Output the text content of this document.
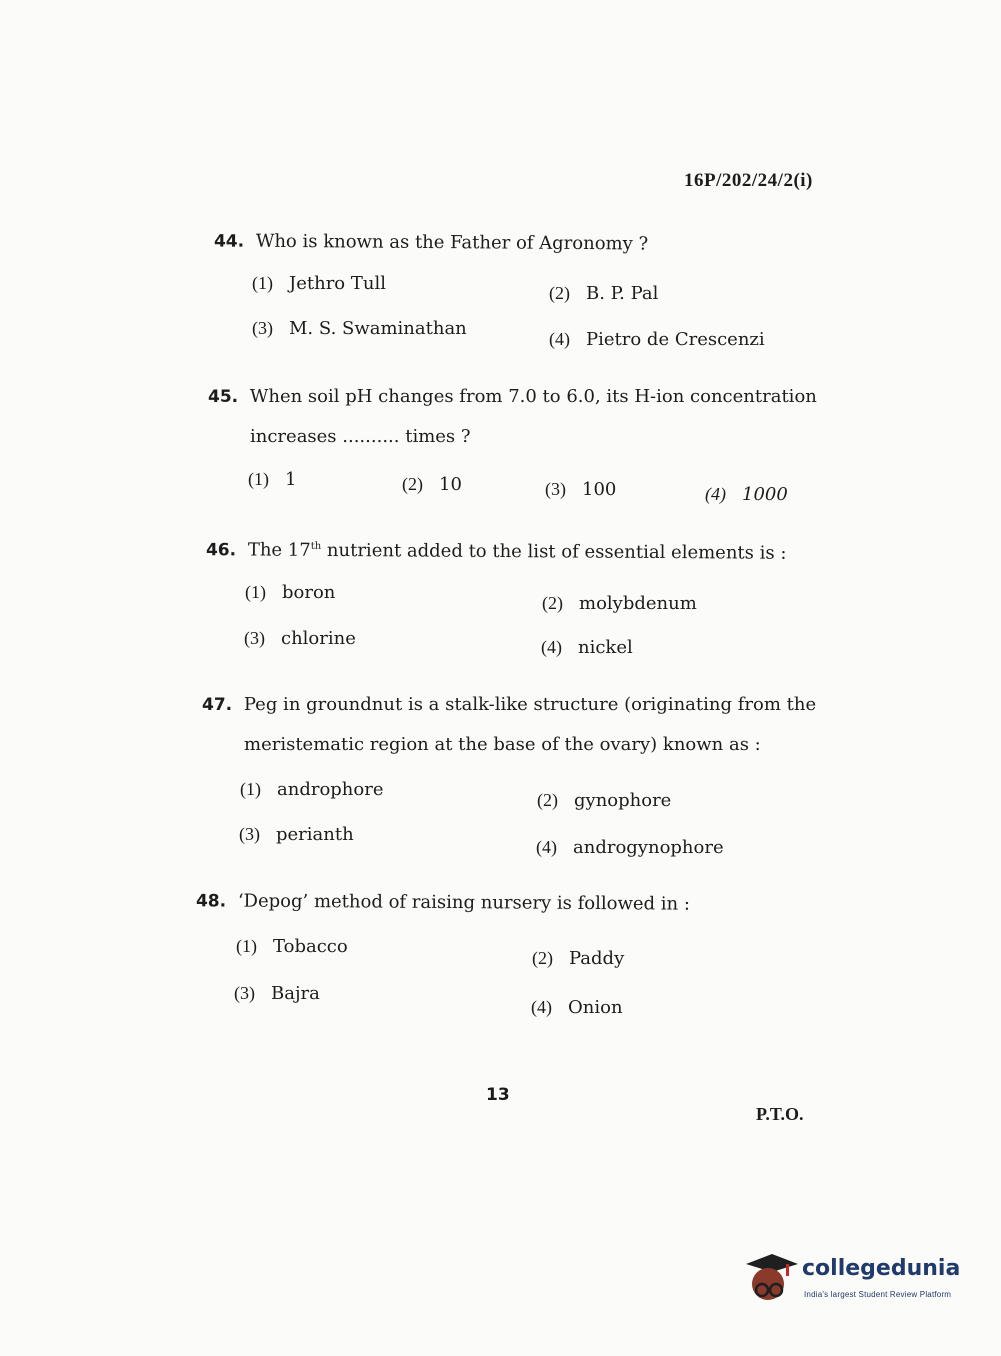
16P/202/24/2(i)
44. Who is known as the Father of Agronomy ?
(1) Jethro Tull	(2) B. P. Pal
(3) M. S. Swaminathan	(4) Pietro de Crescenzi
45. When soil pH changes from 7.0 to 6.0, its H-ion concentration
increases .......... times ?
(1) 1	(2) 10	(3) 100	(4) 1000
46. The 17th nutrient added to the list of essential elements is :
(1) boron	(2) molybdenum
(3) chlorine	(4) nickel
47. Peg in groundnut is a stalk-like structure (originating from the
meristematic region at the base of the ovary) known as :
(1) androphore	(2) gynophore
(3) perianth
(4) androgynophore
48. ‘Depog’ method of raising nursery is followed in :
(1) Tobacco
(2) Paddy
(3) Bajra
(4) Onion
13
P.T.O.
collegedunia
India's largest Student Review Platform
